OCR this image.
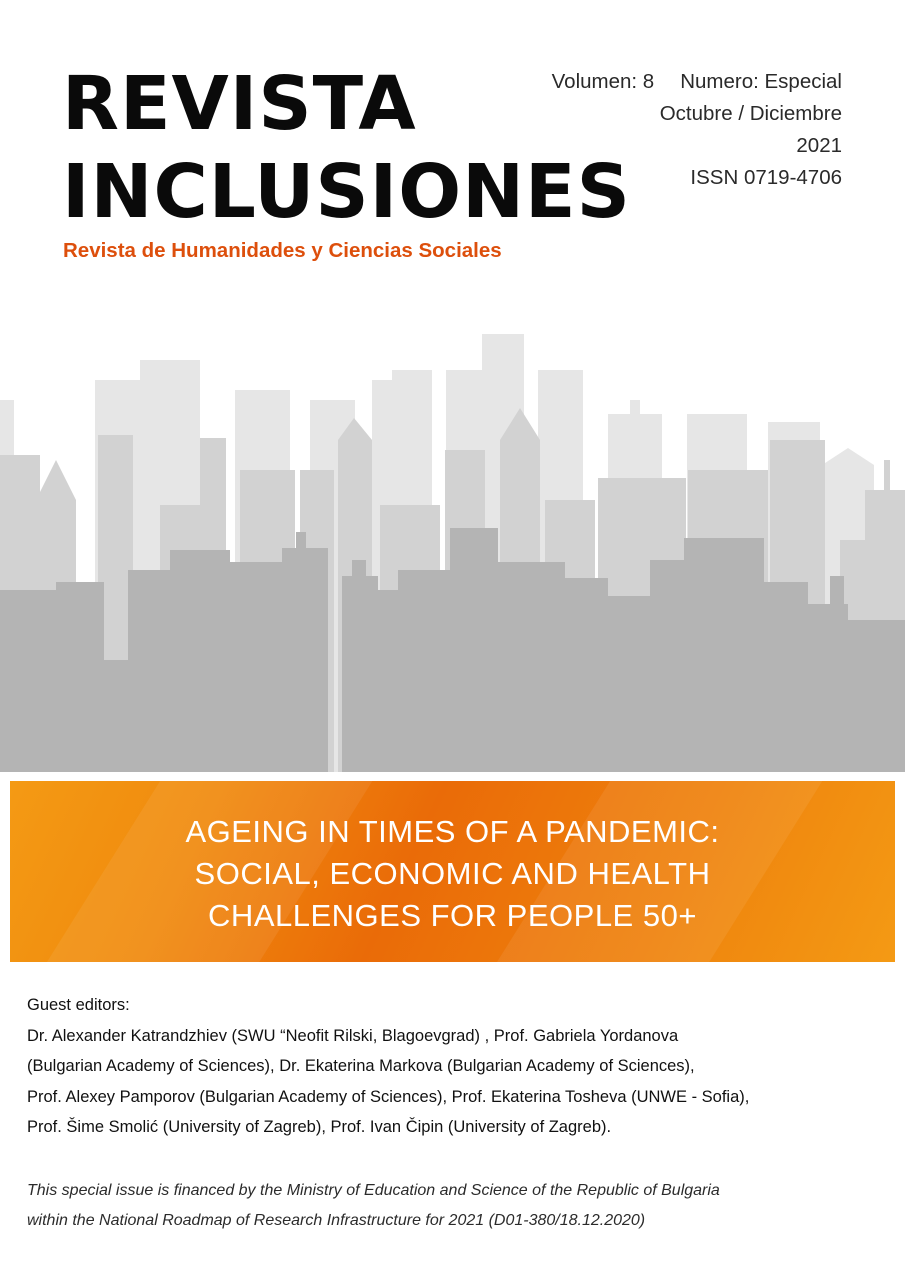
REVISTA
INCLUSIONES
Revista de Humanidades y Ciencias Sociales
Volumen: 8 Numero: Especial
Octubre / Diciembre
2021
ISSN 0719-4706
AGEING IN TIMES OF A PANDEMIC:
SOCIAL, ECONOMIC AND HEALTH
CHALLENGES FOR PEOPLE 50+
Guest editors:
Dr. Alexander Katrandzhiev (SWU “Neofit Rilski, Blagoevgrad) , Prof. Gabriela Yordanova
(Bulgarian Academy of Sciences), Dr. Ekaterina Markova (Bulgarian Academy of Sciences),
Prof. Alexey Pamporov (Bulgarian Academy of Sciences), Prof. Ekaterina Tosheva (UNWE - Sofia),
Prof. Šime Smolić (University of Zagreb), Prof. Ivan Čipin (University of Zagreb).
This special issue is financed by the Ministry of Education and Science of the Republic of Bulgaria
within the National Roadmap of Research Infrastructure for 2021 (D01-380/18.12.2020)
